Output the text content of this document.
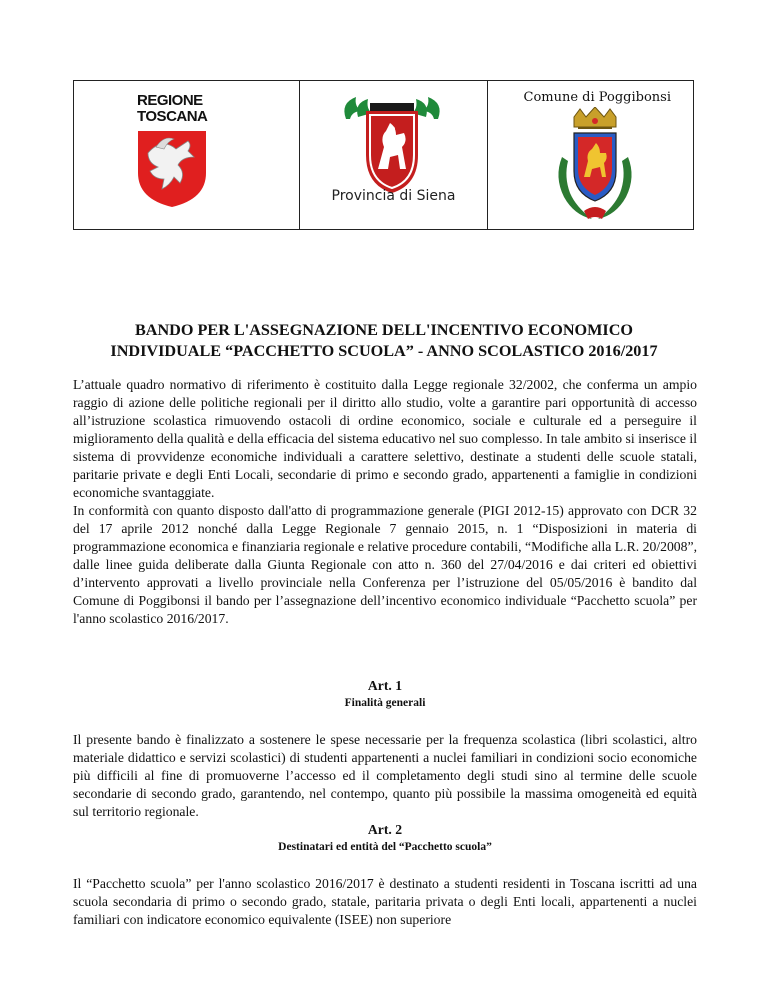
REGIONE
TOSCANA
Provincia di Siena
Comune di Poggibonsi
BANDO PER L'ASSEGNAZIONE DELL'INCENTIVO ECONOMICO
INDIVIDUALE “PACCHETTO SCUOLA” - ANNO SCOLASTICO 2016/2017

L’attuale quadro normativo di riferimento è costituito dalla Legge regionale 32/2002, che conferma un ampio raggio di azione delle politiche regionali per il diritto allo studio, volte a garantire pari opportunità di accesso all’istruzione scolastica rimuovendo ostacoli di ordine economico, sociale e culturale ed a perseguire il miglioramento della qualità e della efficacia del sistema educativo nel suo complesso. In tale ambito si inserisce il sistema di provvidenze economiche individuali a carattere selettivo, destinate a studenti delle scuole statali, paritarie private e degli Enti Locali, secondarie di primo e secondo grado, appartenenti a famiglie in condizioni economiche svantaggiate.

In conformità con quanto disposto dall'atto di programmazione generale (PIGI 2012-15) approvato con DCR 32 del 17 aprile 2012 nonché dalla Legge Regionale 7 gennaio 2015, n. 1 “Disposizioni in materia di programmazione economica e finanziaria regionale e relative procedure contabili, “Modifiche alla L.R. 20/2008”, dalle linee guida deliberate dalla Giunta Regionale con atto n. 360 del 27/04/2016 e dai criteri ed obiettivi d’intervento approvati a livello provinciale nella Conferenza per l’istruzione del 05/05/2016 è bandito dal Comune di Poggibonsi il bando per l’assegnazione dell’incentivo economico individuale “Pacchetto scuola” per l'anno scolastico 2016/2017.

Art. 1
Finalità generali

Il presente bando è finalizzato a sostenere le spese necessarie per la frequenza scolastica (libri scolastici, altro materiale didattico e servizi scolastici) di studenti appartenenti a nuclei familiari in condizioni socio economiche più difficili al fine di promuoverne l’accesso ed il completamento degli studi sino al termine delle scuole secondarie di secondo grado, garantendo, nel contempo, quanto più possibile la massima omogeneità ed equità sul territorio regionale.

Art. 2
Destinatari ed entità del “Pacchetto scuola”

Il “Pacchetto scuola” per l'anno scolastico 2016/2017 è destinato a studenti residenti in Toscana iscritti ad una scuola secondaria di primo o secondo grado, statale, paritaria privata o degli Enti locali, appartenenti a nuclei familiari con indicatore economico equivalente (ISEE) non superiore
